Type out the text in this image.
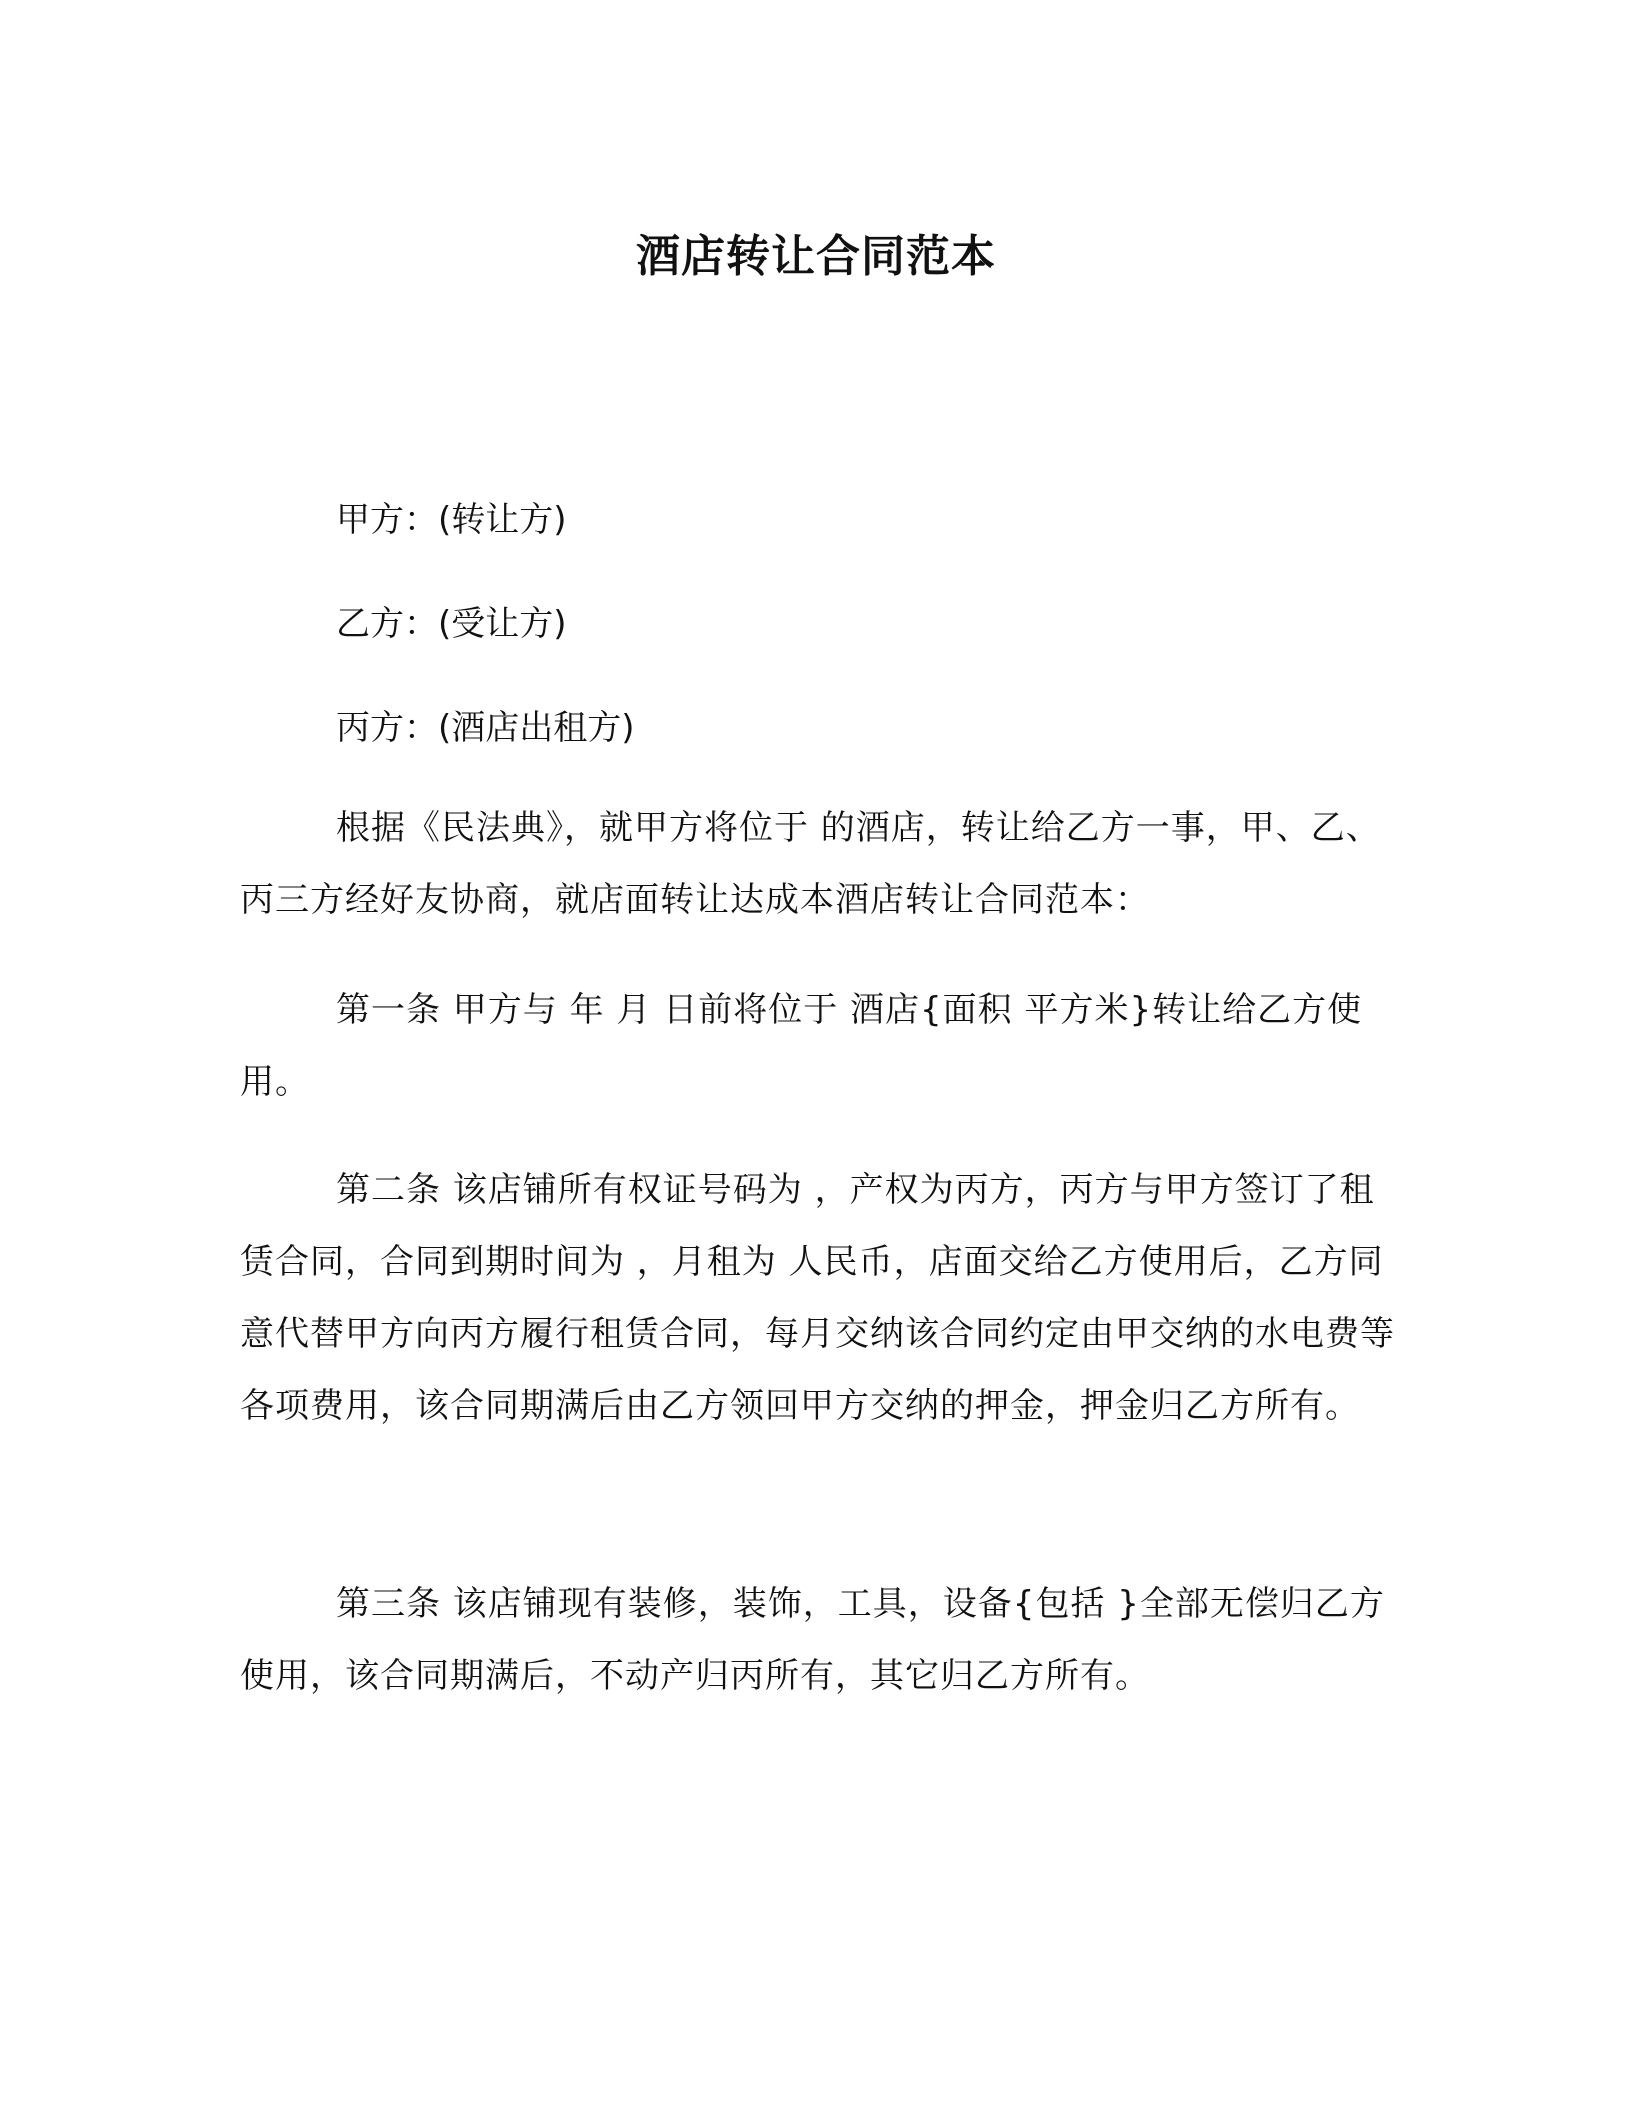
酒店转让合同范本
甲方：(转让方)
乙方：(受让方)
丙方：(酒店出租方)
根据《民法典》，就甲方将位于 的酒店，转让给乙方一事，甲、乙、丙三方经好友协商，就店面转让达成本酒店转让合同范本：
第一条 甲方与 年 月 日前将位于 酒店{面积 平方米}转让给乙方使用。
第二条 该店铺所有权证号码为 ，产权为丙方，丙方与甲方签订了租赁合同，合同到期时间为 ，月租为 人民币，店面交给乙方使用后，乙方同意代替甲方向丙方履行租赁合同，每月交纳该合同约定由甲交纳的水电费等各项费用，该合同期满后由乙方领回甲方交纳的押金，押金归乙方所有。
第三条 该店铺现有装修，装饰，工具，设备{包括 }全部无偿归乙方使用，该合同期满后，不动产归丙所有，其它归乙方所有。
